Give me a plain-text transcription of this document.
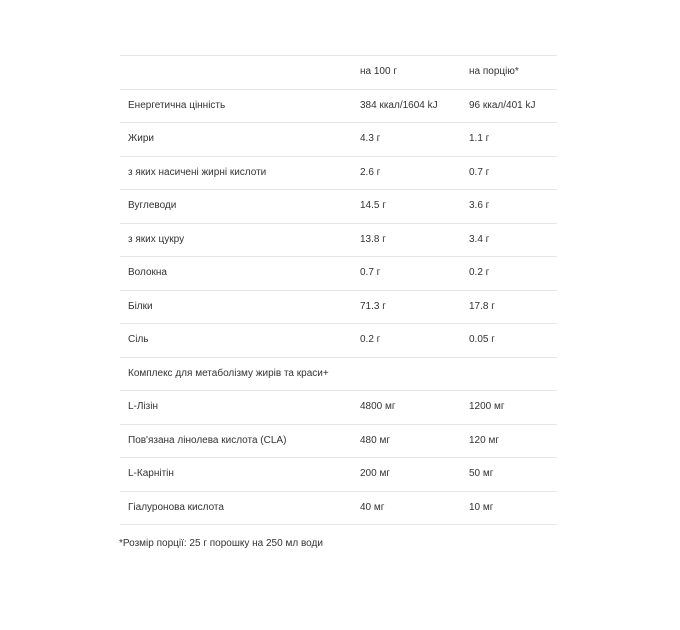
	на 100 г	на порцію*
Енергетична цінність	384 ккал/1604 kJ	96 ккал/401 kJ
Жири	4.3 г	1.1 г
з яких насичені жирні кислоти	2.6 г	0.7 г
Вуглеводи	14.5 г	3.6 г
з яких цукру	13.8 г	3.4 г
Волокна	0.7 г	0.2 г
Білки	71.3 г	17.8 г
Сіль	0.2 г	0.05 г
Комплекс для метаболізму жирів та краси+		
L-Лізін	4800 мг	1200 мг
Пов'язана лінолева кислота (CLA)	480 мг	120 мг
L-Карнітін	200 мг	50 мг
Гіалуронова кислота	40 мг	10 мг
*Розмір порції: 25 г порошку на 250 мл води
